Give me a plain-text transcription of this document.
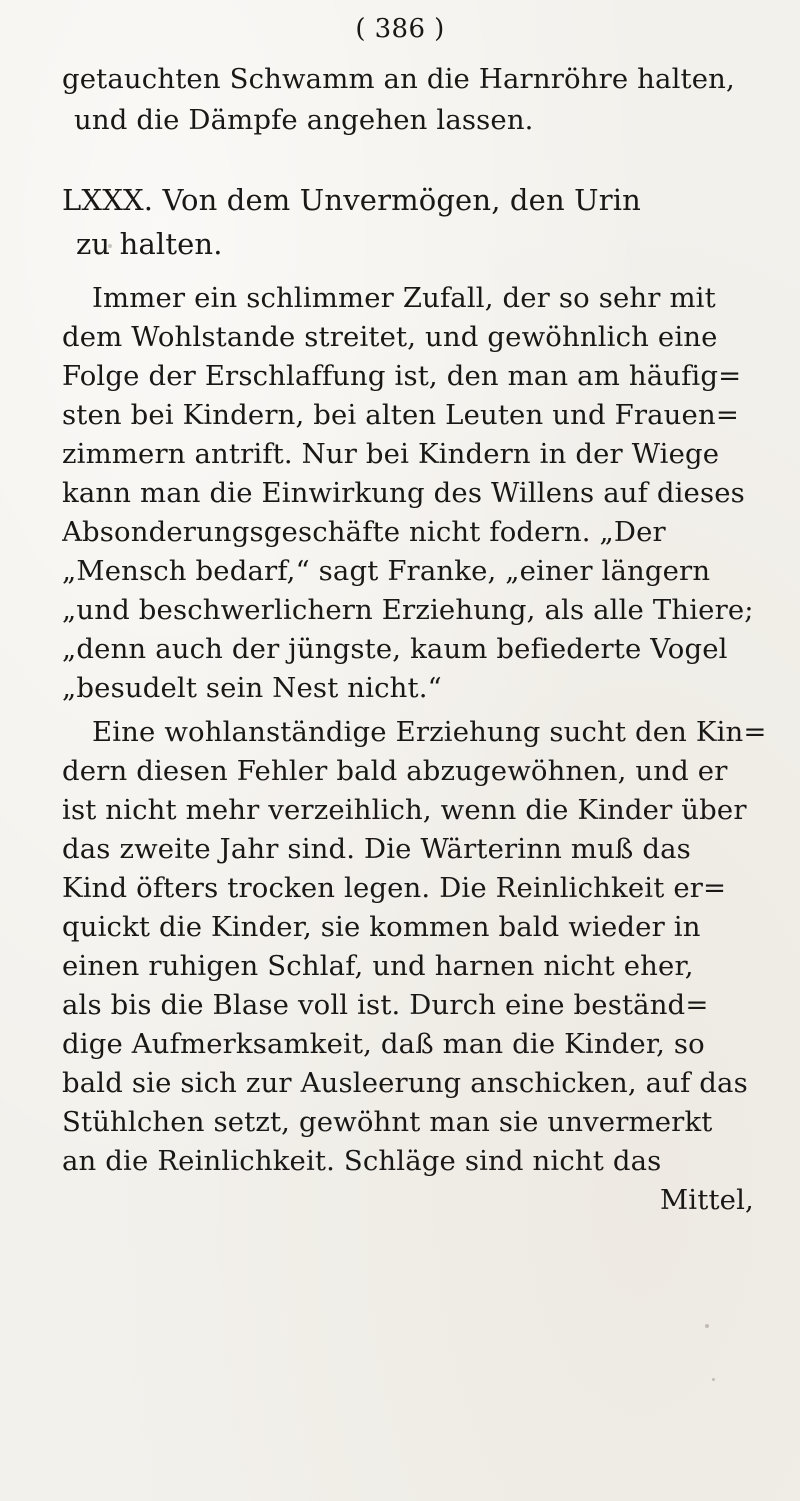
( 386 )
getauchten Schwamm an die Harnröhre halten,
und die Dämpfe angehen lassen.
LXXX. Von dem Unvermögen, den Urin
zu halten.
Immer ein schlimmer Zufall, der so sehr mit
dem Wohlstande streitet, und gewöhnlich eine
Folge der Erschlaffung ist, den man am häufig=
sten bei Kindern, bei alten Leuten und Frauen=
zimmern antrift. Nur bei Kindern in der Wiege
kann man die Einwirkung des Willens auf dieses
Absonderungsgeschäfte nicht fodern. „Der
„Mensch bedarf,“ sagt Franke, „einer längern
„und beschwerlichern Erziehung, als alle Thiere;
„denn auch der jüngste, kaum befiederte Vogel
„besudelt sein Nest nicht.“
Eine wohlanständige Erziehung sucht den Kin=
dern diesen Fehler bald abzugewöhnen, und er
ist nicht mehr verzeihlich, wenn die Kinder über
das zweite Jahr sind. Die Wärterinn muß das
Kind öfters trocken legen. Die Reinlichkeit er=
quickt die Kinder, sie kommen bald wieder in
einen ruhigen Schlaf, und harnen nicht eher,
als bis die Blase voll ist. Durch eine beständ=
dige Aufmerksamkeit, daß man die Kinder, so
bald sie sich zur Ausleerung anschicken, auf das
Stühlchen setzt, gewöhnt man sie unvermerkt
an die Reinlichkeit. Schläge sind nicht das
Mittel,
